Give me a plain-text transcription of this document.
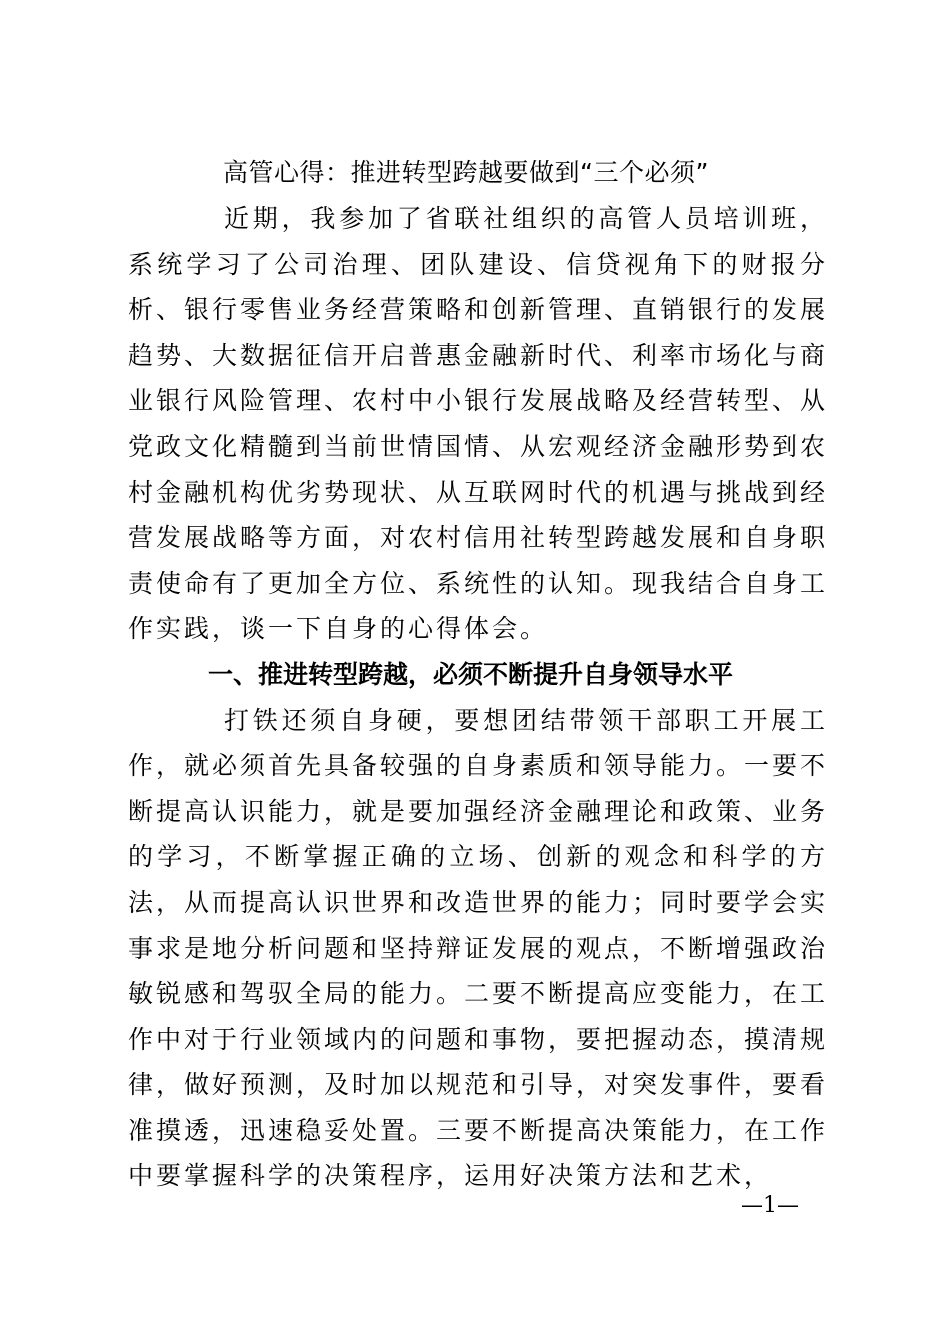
高管心得：推进转型跨越要做到“三个必须”

近期，我参加了省联社组织的高管人员培训班，系统学习了公司治理、团队建设、信贷视角下的财报分析、银行零售业务经营策略和创新管理、直销银行的发展趋势、大数据征信开启普惠金融新时代、利率市场化与商业银行风险管理、农村中小银行发展战略及经营转型、从党政文化精髓到当前世情国情、从宏观经济金融形势到农村金融机构优劣势现状、从互联网时代的机遇与挑战到经营发展战略等方面，对农村信用社转型跨越发展和自身职责使命有了更加全方位、系统性的认知。现我结合自身工作实践，谈一下自身的心得体会。

一、推进转型跨越，必须不断提升自身领导水平

打铁还须自身硬，要想团结带领干部职工开展工作，就必须首先具备较强的自身素质和领导能力。一要不断提高认识能力，就是要加强经济金融理论和政策、业务的学习，不断掌握正确的立场、创新的观念和科学的方法，从而提高认识世界和改造世界的能力；同时要学会实事求是地分析问题和坚持辩证发展的观点，不断增强政治敏锐感和驾驭全局的能力。二要不断提高应变能力，在工作中对于行业领域内的问题和事物，要把握动态，摸清规律，做好预测，及时加以规范和引导，对突发事件，要看准摸透，迅速稳妥处置。三要不断提高决策能力，在工作中要掌握科学的决策程序，运用好决策方法和艺术，

—1—
